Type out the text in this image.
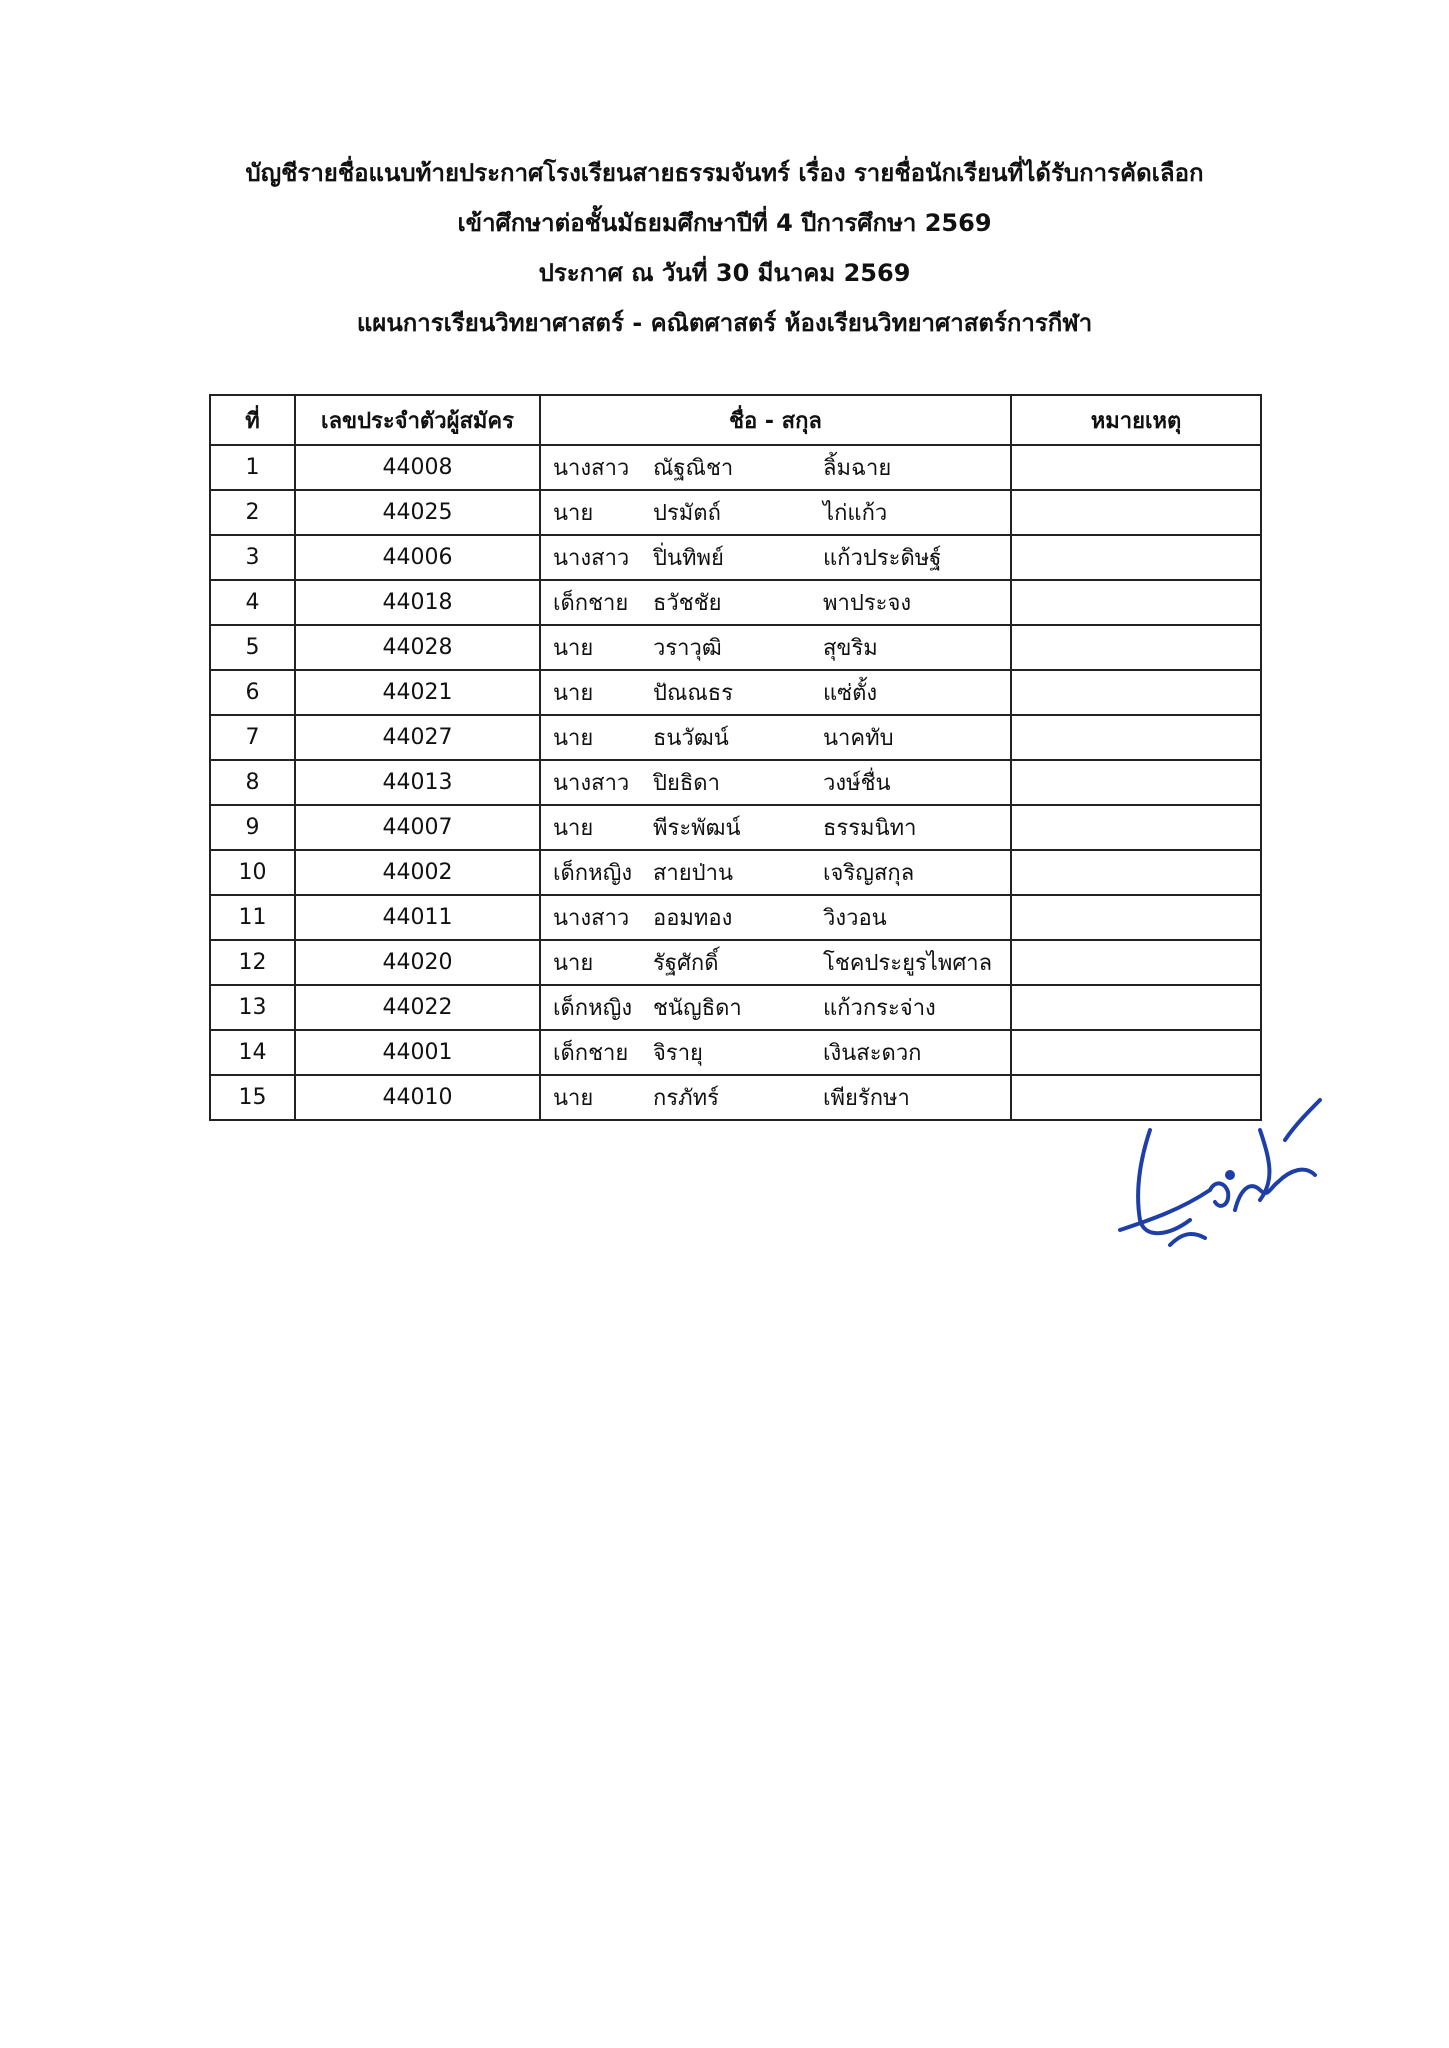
บัญชีรายชื่อแนบท้ายประกาศโรงเรียนสายธรรมจันทร์ เรื่อง รายชื่อนักเรียนที่ได้รับการคัดเลือก
เข้าศึกษาต่อชั้นมัธยมศึกษาปีที่ 4 ปีการศึกษา 2569
ประกาศ ณ วันที่ 30 มีนาคม 2569
แผนการเรียนวิทยาศาสตร์ - คณิตศาสตร์ ห้องเรียนวิทยาศาสตร์การกีฬา
ที่	เลขประจำตัวผู้สมัคร	ชื่อ - สกุล	หมายเหตุ
1	44008	นางสาว ณัฐณิชา ลิ้มฉาย	

2	44025	นาย ปรมัตถ์ ไก่แก้ว	

3	44006	นางสาว ปิ่นทิพย์ แก้วประดิษฐ์	

4	44018	เด็กชาย ธวัชชัย พาประจง	

5	44028	นาย วราวุฒิ สุขริม	

6	44021	นาย ปัณณธร แซ่ตั้ง	

7	44027	นาย ธนวัฒน์ นาคทับ	

8	44013	นางสาว ปิยธิดา วงษ์ชื่น	

9	44007	นาย พีระพัฒน์ ธรรมนิทา	

10	44002	เด็กหญิง สายป่าน เจริญสกุล	

11	44011	นางสาว ออมทอง วิงวอน	

12	44020	นาย รัฐศักดิ์ โชคประยูรไพศาล	

13	44022	เด็กหญิง ชนัญธิดา แก้วกระจ่าง	

14	44001	เด็กชาย จิรายุ เงินสะดวก	

15	44010	นาย กรภัทร์ เพียรักษา	
